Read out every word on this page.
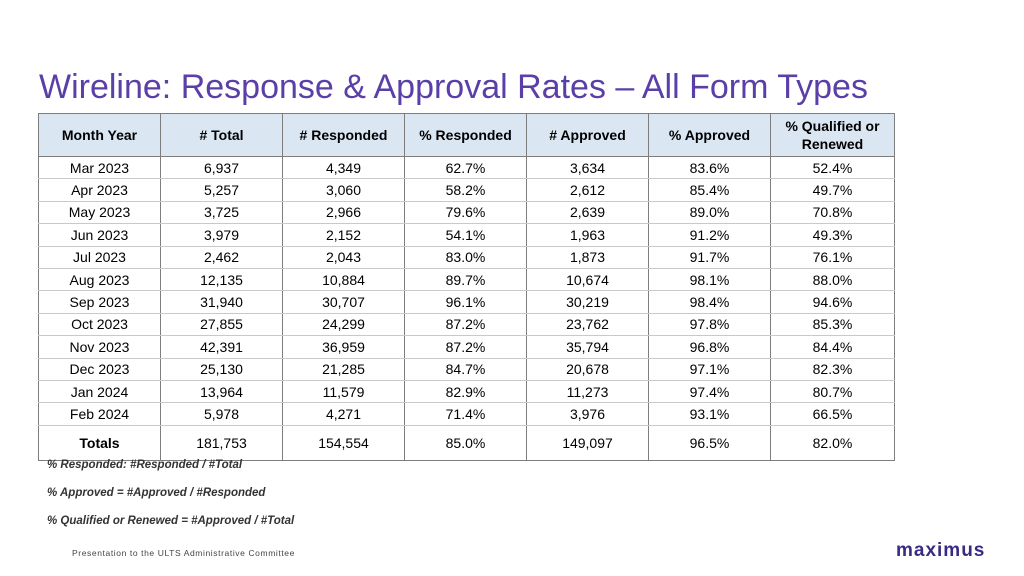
Wireline: Response & Approval Rates – All Form Types
Month Year	# Total	# Responded	% Responded	# Approved	% Approved	% Qualified or Renewed
Mar 2023	6,937	4,349	62.7%	3,634	83.6%	52.4%
Apr 2023	5,257	3,060	58.2%	2,612	85.4%	49.7%
May 2023	3,725	2,966	79.6%	2,639	89.0%	70.8%
Jun 2023	3,979	2,152	54.1%	1,963	91.2%	49.3%
Jul 2023	2,462	2,043	83.0%	1,873	91.7%	76.1%
Aug 2023	12,135	10,884	89.7%	10,674	98.1%	88.0%
Sep 2023	31,940	30,707	96.1%	30,219	98.4%	94.6%
Oct 2023	27,855	24,299	87.2%	23,762	97.8%	85.3%
Nov 2023	42,391	36,959	87.2%	35,794	96.8%	84.4%
Dec 2023	25,130	21,285	84.7%	20,678	97.1%	82.3%
Jan 2024	13,964	11,579	82.9%	11,273	97.4%	80.7%
Feb 2024	5,978	4,271	71.4%	3,976	93.1%	66.5%
Totals	181,753	154,554	85.0%	149,097	96.5%	82.0%
% Responded: #Responded / #Total
% Approved = #Approved / #Responded
% Qualified or Renewed = #Approved / #Total
Presentation to the ULTS Administrative Committee	maximus
